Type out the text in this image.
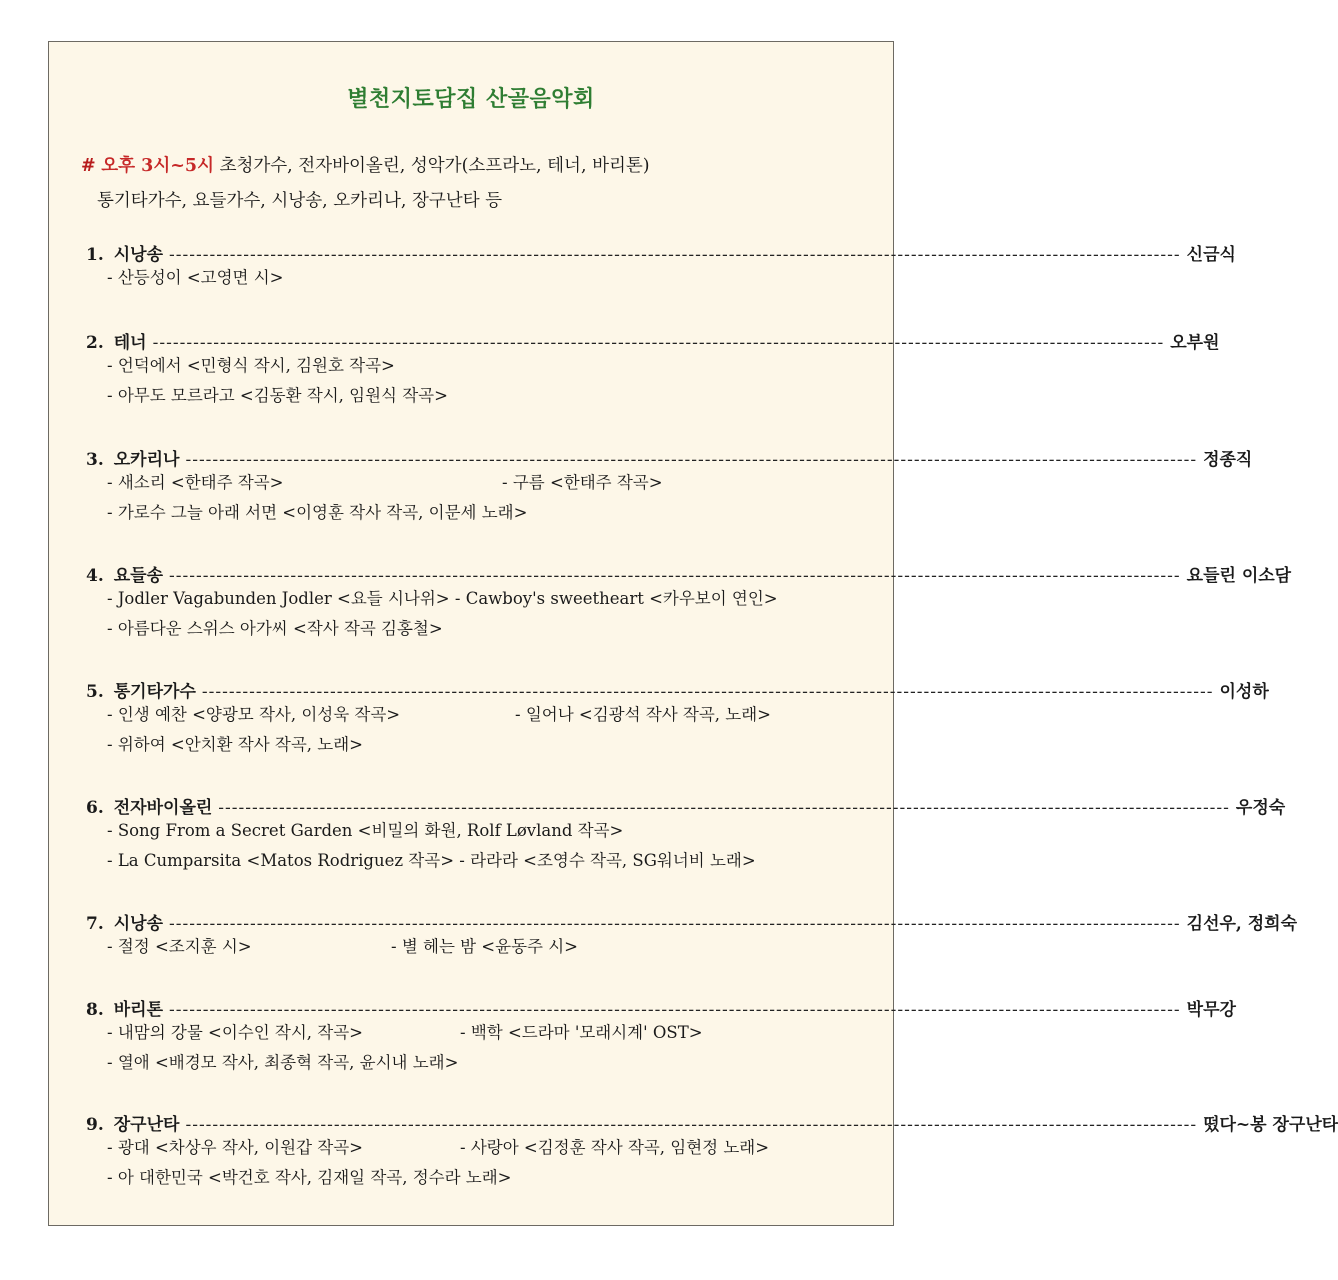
별천지토담집 산골음악회
# 오후 3시~5시 초청가수, 전자바이올린, 성악가(소프라노, 테너, 바리톤)
통기타가수, 요들가수, 시낭송, 오카리나, 장구난타 등
1. 시낭송 ------------------------------------------------------------------------------------------------------------------------------------------------------ 신금식
- 산등성이 <고영면 시>
2. 테너 ------------------------------------------------------------------------------------------------------------------------------------------------------ 오부원
- 언덕에서 <민형식 작시, 김원호 작곡>
- 아무도 모르라고 <김동환 작시, 임원식 작곡>
3. 오카리나 ------------------------------------------------------------------------------------------------------------------------------------------------------ 정종직
- 새소리 <한태주 작곡>	- 구름 <한태주 작곡>
- 가로수 그늘 아래 서면 <이영훈 작사 작곡, 이문세 노래>
4. 요들송 ------------------------------------------------------------------------------------------------------------------------------------------------------ 요들린 이소담
- Jodler Vagabunden Jodler <요들 시나위> - Cawboy's sweetheart <카우보이 연인>
- 아름다운 스위스 아가씨 <작사 작곡 김홍철>
5. 통기타가수 ------------------------------------------------------------------------------------------------------------------------------------------------------ 이성하
- 인생 예찬 <양광모 작사, 이성욱 작곡>	- 일어나 <김광석 작사 작곡, 노래>
- 위하여 <안치환 작사 작곡, 노래>
6. 전자바이올린 ------------------------------------------------------------------------------------------------------------------------------------------------------ 우정숙
- Song From a Secret Garden <비밀의 화원, Rolf Løvland 작곡>
- La Cumparsita <Matos Rodriguez 작곡> - 라라라 <조영수 작곡, SG워너비 노래>
7. 시낭송 ------------------------------------------------------------------------------------------------------------------------------------------------------ 김선우, 정희숙
- 절정 <조지훈 시>	- 별 헤는 밤 <윤동주 시>
8. 바리톤 ------------------------------------------------------------------------------------------------------------------------------------------------------ 박무강
- 내맘의 강물 <이수인 작시, 작곡>	- 백학 <드라마 '모래시계' OST>
- 열애 <배경모 작사, 최종혁 작곡, 윤시내 노래>
9. 장구난타 ------------------------------------------------------------------------------------------------------------------------------------------------------ 떴다~봉 장구난타
- 광대 <차상우 작사, 이원갑 작곡>	- 사랑아 <김정훈 작사 작곡, 임현정 노래>
- 아 대한민국 <박건호 작사, 김재일 작곡, 정수라 노래>
